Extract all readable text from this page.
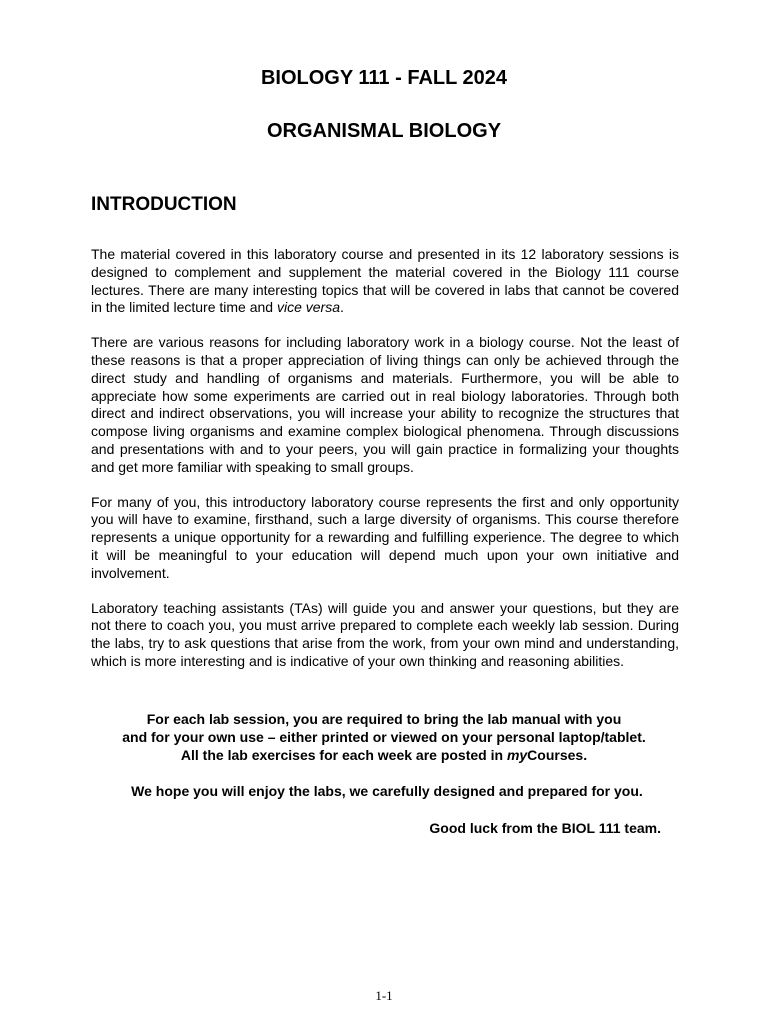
BIOLOGY 111 - FALL 2024
ORGANISMAL BIOLOGY
INTRODUCTION

The material covered in this laboratory course and presented in its 12 laboratory sessions is designed to complement and supplement the material covered in the Biology 111 course lectures. There are many interesting topics that will be covered in labs that cannot be covered in the limited lecture time and vice versa.

There are various reasons for including laboratory work in a biology course. Not the least of these reasons is that a proper appreciation of living things can only be achieved through the direct study and handling of organisms and materials. Furthermore, you will be able to appreciate how some experiments are carried out in real biology laboratories. Through both direct and indirect observations, you will increase your ability to recognize the structures that compose living organisms and examine complex biological phenomena. Through discussions and presentations with and to your peers, you will gain practice in formalizing your thoughts and get more familiar with speaking to small groups.

For many of you, this introductory laboratory course represents the first and only opportunity you will have to examine, firsthand, such a large diversity of organisms. This course therefore represents a unique opportunity for a rewarding and fulfilling experience. The degree to which it will be meaningful to your education will depend much upon your own initiative and involvement.

Laboratory teaching assistants (TAs) will guide you and answer your questions, but they are not there to coach you, you must arrive prepared to complete each weekly lab session. During the labs, try to ask questions that arise from the work, from your own mind and understanding, which is more interesting and is indicative of your own thinking and reasoning abilities.

For each lab session, you are required to bring the lab manual with you
and for your own use – either printed or viewed on your personal laptop/tablet.
All the lab exercises for each week are posted in myCourses.

We hope you will enjoy the labs, we carefully designed and prepared for you.

Good luck from the BIOL 111 team.

1-1
